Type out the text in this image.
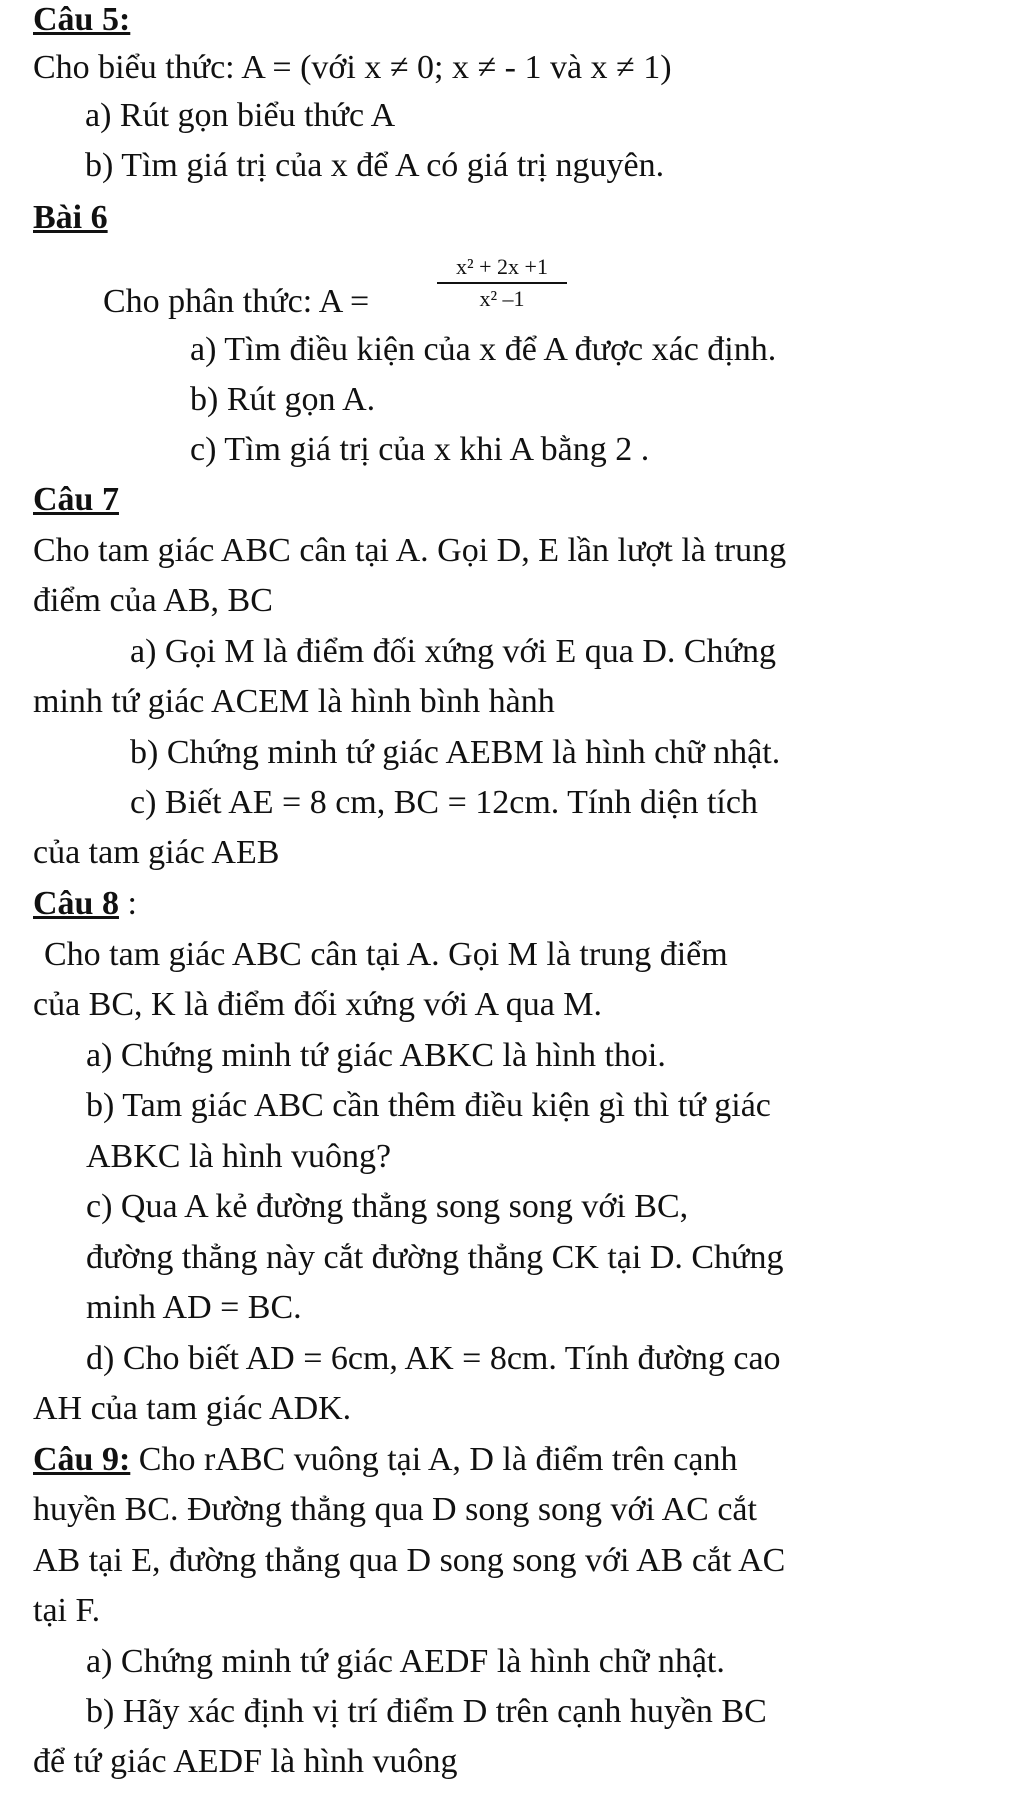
Câu 5:
Cho biểu thức: A = (với x ≠ 0; x ≠ - 1 và x ≠ 1)
a) Rút gọn biểu thức A
b) Tìm giá trị của x để A có giá trị nguyên.
Bài 6
Cho phân thức: A =	$\frac{\text{x² + 2x +1}}{\text{x² –1}}$
a) Tìm điều kiện của x để A được xác định.
b) Rút gọn A.
c) Tìm giá trị của x khi A bằng 2 .
Câu 7
Cho tam giác ABC cân tại A. Gọi D, E lần lượt là trung
điểm của AB, BC
a) Gọi M là điểm đối xứng với E qua D. Chứng
minh tứ giác ACEM là hình bình hành
b) Chứng minh tứ giác AEBM là hình chữ nhật.
c) Biết AE = 8 cm, BC = 12cm. Tính diện tích
của tam giác AEB
Câu 8 :
Cho tam giác ABC cân tại A. Gọi M là trung điểm
của BC, K là điểm đối xứng với A qua M.
a) Chứng minh tứ giác ABKC là hình thoi.
b) Tam giác ABC cần thêm điều kiện gì thì tứ giác
ABKC là hình vuông?
c) Qua A kẻ đường thẳng song song với BC,
đường thẳng này cắt đường thẳng CK tại D. Chứng
minh AD = BC.
d) Cho biết AD = 6cm, AK = 8cm. Tính đường cao
AH của tam giác ADK.
Câu 9: Cho rABC vuông tại A, D là điểm trên cạnh
huyền BC. Đường thẳng qua D song song với AC cắt
AB tại E, đường thẳng qua D song song với AB cắt AC
tại F.
a) Chứng minh tứ giác AEDF là hình chữ nhật.
b) Hãy xác định vị trí điểm D trên cạnh huyền BC
để tứ giác AEDF là hình vuông
